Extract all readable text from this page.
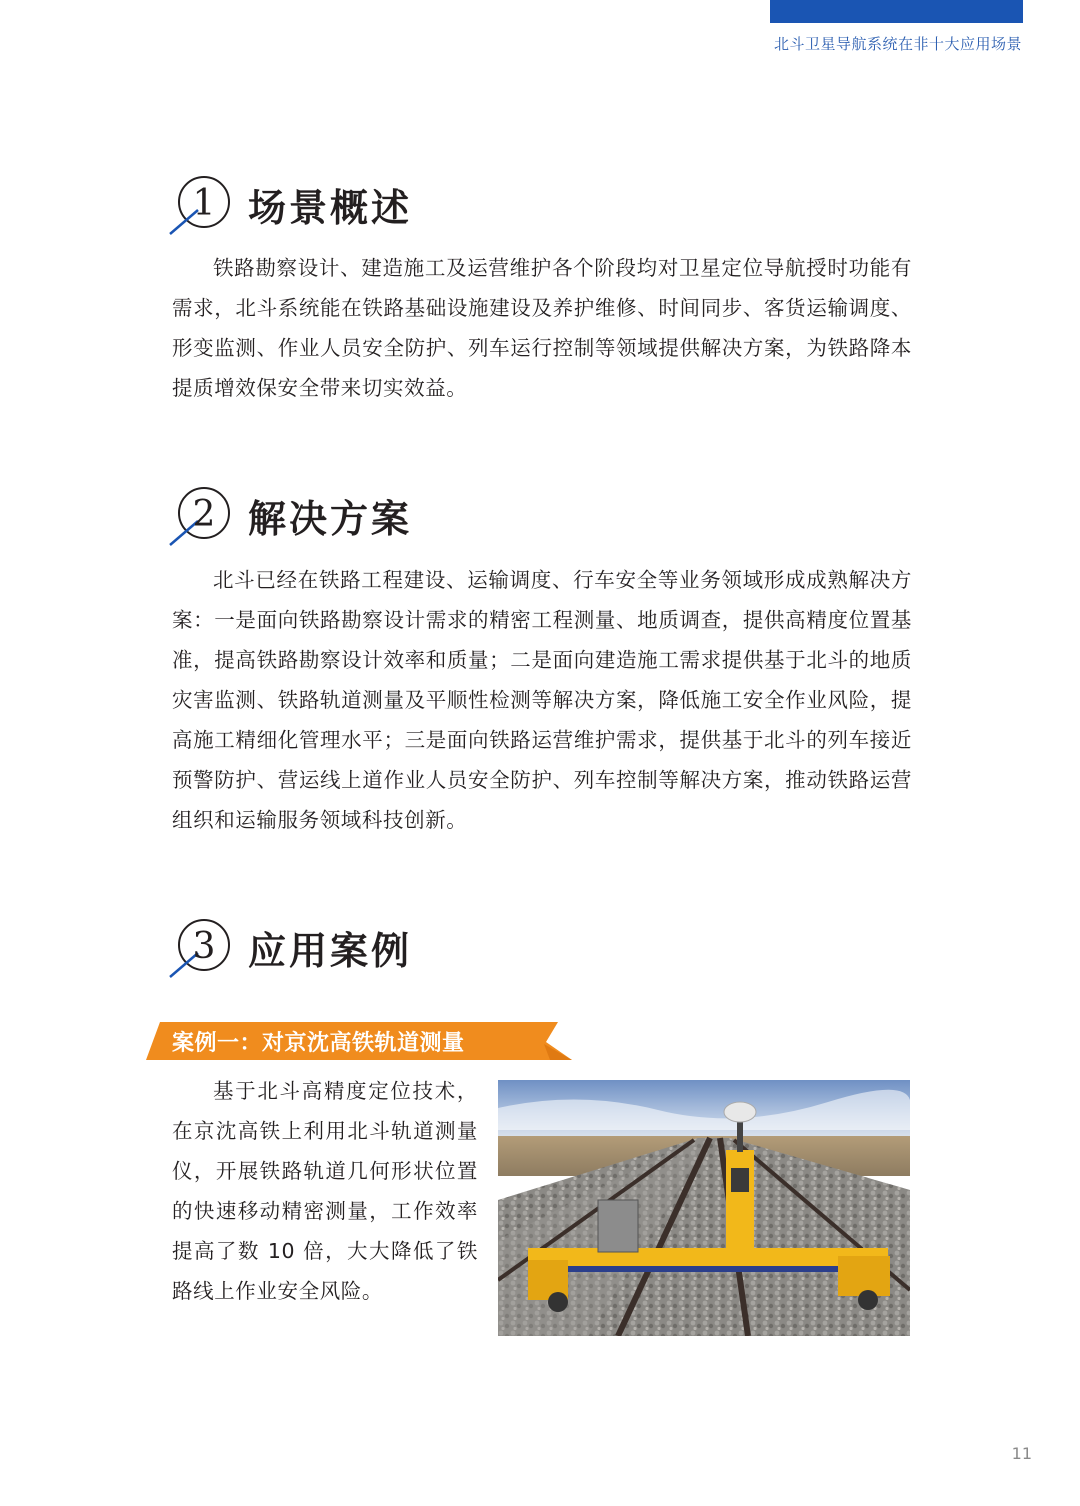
北斗卫星导航系统在非十大应用场景
1 场景概述

铁路勘察设计、建造施工及运营维护各个阶段均对卫星定位导航授时功能有需求，北斗系统能在铁路基础设施建设及养护维修、时间同步、客货运输调度、形变监测、作业人员安全防护、列车运行控制等领域提供解决方案，为铁路降本提质增效保安全带来切实效益。

2 解决方案

北斗已经在铁路工程建设、运输调度、行车安全等业务领域形成成熟解决方案：一是面向铁路勘察设计需求的精密工程测量、地质调查，提供高精度位置基准，提高铁路勘察设计效率和质量；二是面向建造施工需求提供基于北斗的地质灾害监测、铁路轨道测量及平顺性检测等解决方案，降低施工安全作业风险，提高施工精细化管理水平；三是面向铁路运营维护需求，提供基于北斗的列车接近预警防护、营运线上道作业人员安全防护、列车控制等解决方案，推动铁路运营组织和运输服务领域科技创新。

3 应用案例
案例一：对京沈高铁轨道测量

基于北斗高精度定位技术，在京沈高铁上利用北斗轨道测量仪，开展铁路轨道几何形状位置的快速移动精密测量，工作效率提高了数 10 倍，大大降低了铁路线上作业安全风险。

11
